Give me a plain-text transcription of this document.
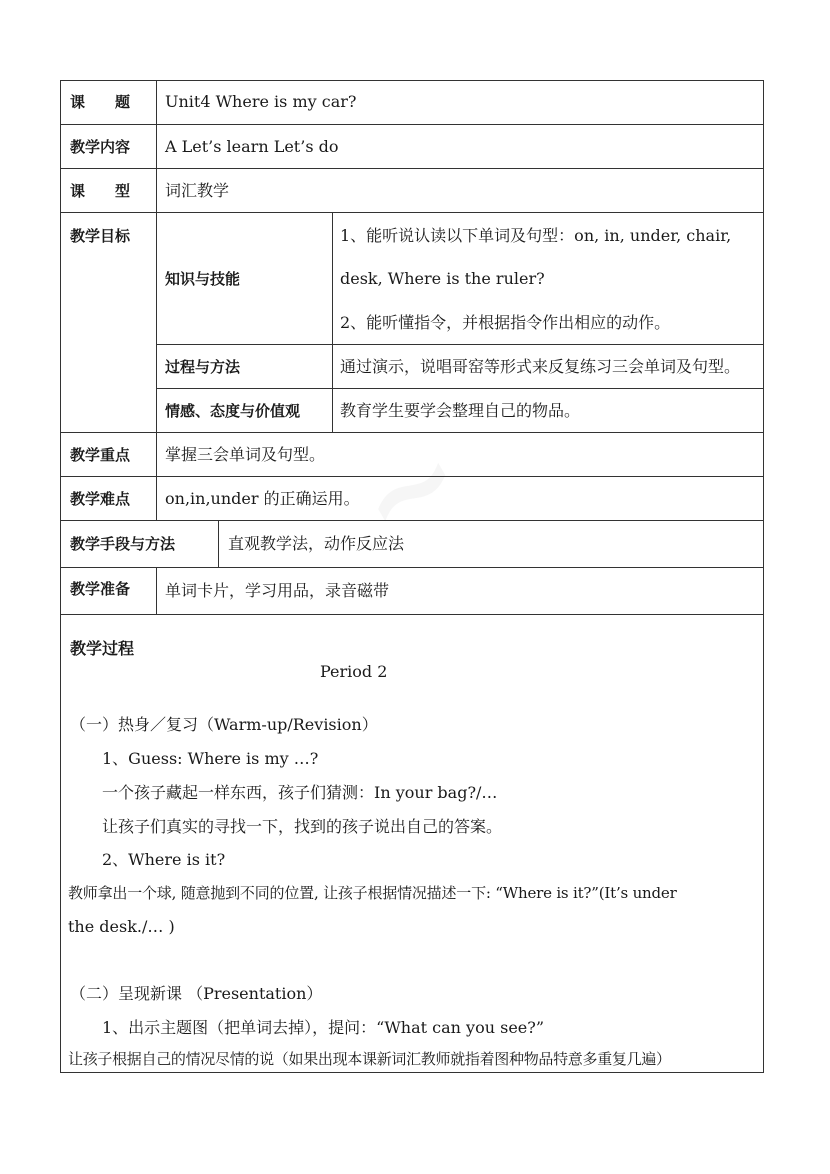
课　　题 Unit4 Where is my car?
教学内容 A Let’s learn Let’s do
课　　型 词汇教学
教学目标
知识与技能
1、能听说认读以下单词及句型：on, in, under, chair,
desk, Where is the ruler?
2、能听懂指令，并根据指令作出相应的动作。
过程与方法	通过演示，说唱哥窑等形式来反复练习三会单词及句型。
情感、态度与价值观 教育学生要学会整理自己的物品。
教学重点 掌握三会单词及句型。
教学难点 on,in,under 的正确运用。
教学手段与方法	直观教学法，动作反应法
教学准备 单词卡片，学习用品，录音磁带
教学过程
Period 2
（一）热身／复习（Warm-up/Revision）
1、Guess: Where is my …?
一个孩子藏起一样东西，孩子们猜测：In your bag?/…
让孩子们真实的寻找一下，找到的孩子说出自己的答案。
2、Where is it?
教师拿出一个球, 随意抛到不同的位置, 让孩子根据情况描述一下: “Where is it?”(It’s under
the desk./… )
（二）呈现新课 （Presentation）
1、出示主题图（把单词去掉），提问：“What can you see?”
让孩子根据自己的情况尽情的说（如果出现本课新词汇教师就指着图种物品特意多重复几遍）
